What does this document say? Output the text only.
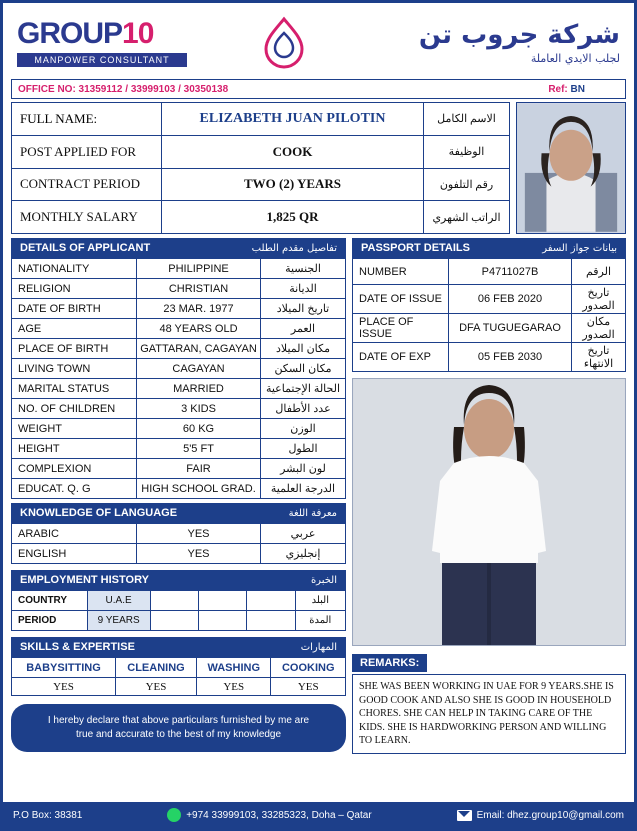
GROUP10
MANPOWER CONSULTANT
شركة جروب تن
لجلب الايدي العاملة
OFFICE NO: 31359112 / 33999103 / 30350138	Ref: BN
FULL NAME:	ELIZABETH JUAN PILOTIN	الاسم الكامل
POST APPLIED FOR	COOK	الوظيفة
CONTRACT PERIOD	TWO (2) YEARS	رقم التلفون
MONTHLY SALARY	1,825 QR	الراتب الشهري
DETAILS OF APPLICANT	تفاصيل مقدم الطلب
NATIONALITY	PHILIPPINE	الجنسية
RELIGION	CHRISTIAN	الديانة
DATE OF BIRTH	23 MAR. 1977	تاريخ الميلاد
AGE	48 YEARS OLD	العمر
PLACE OF BIRTH	GATTARAN, CAGAYAN	مكان الميلاد
LIVING TOWN	CAGAYAN	مكان السكن
MARITAL STATUS	MARRIED	الحالة الإجتماعية
NO. OF CHILDREN	3 KIDS	عدد الأطفال
WEIGHT	60 KG	الوزن
HEIGHT	5'5 FT	الطول
COMPLEXION	FAIR	لون البشر
EDUCAT. Q. G	HIGH SCHOOL GRAD.	الدرجة العلمية
KNOWLEDGE OF LANGUAGE	معرفة اللغة
ARABIC	YES	عربي
ENGLISH	YES	إنجليزي
EMPLOYMENT HISTORY	الخبرة
COUNTRY	U.A.E				البلد
PERIOD	9 YEARS				المدة
SKILLS & EXPERTISE	المهارات
BABYSITTING	CLEANING	WASHING	COOKING
YES	YES	YES	YES
I hereby declare that above particulars furnished by me are
true and accurate to the best of my knowledge
PASSPORT DETAILS	بيانات جواز السفر
NUMBER	P4711027B	الرقم
DATE OF ISSUE	06 FEB 2020	تاريخ الصدور
PLACE OF ISSUE	DFA TUGUEGARAO	مكان الصدور
DATE OF EXP	05 FEB 2030	تاريخ الانتهاء
REMARKS:
SHE WAS BEEN WORKING IN UAE FOR 9 YEARS.SHE IS GOOD COOK AND ALSO SHE IS GOOD IN HOUSEHOLD CHORES. SHE CAN HELP IN TAKING CARE OF THE KIDS. SHE IS HARDWORKING PERSON AND WILLING TO LEARN.
P.O Box: 38381	+974 33999103, 33285323, Doha – Qatar	Email: dhez.group10@gmail.com
